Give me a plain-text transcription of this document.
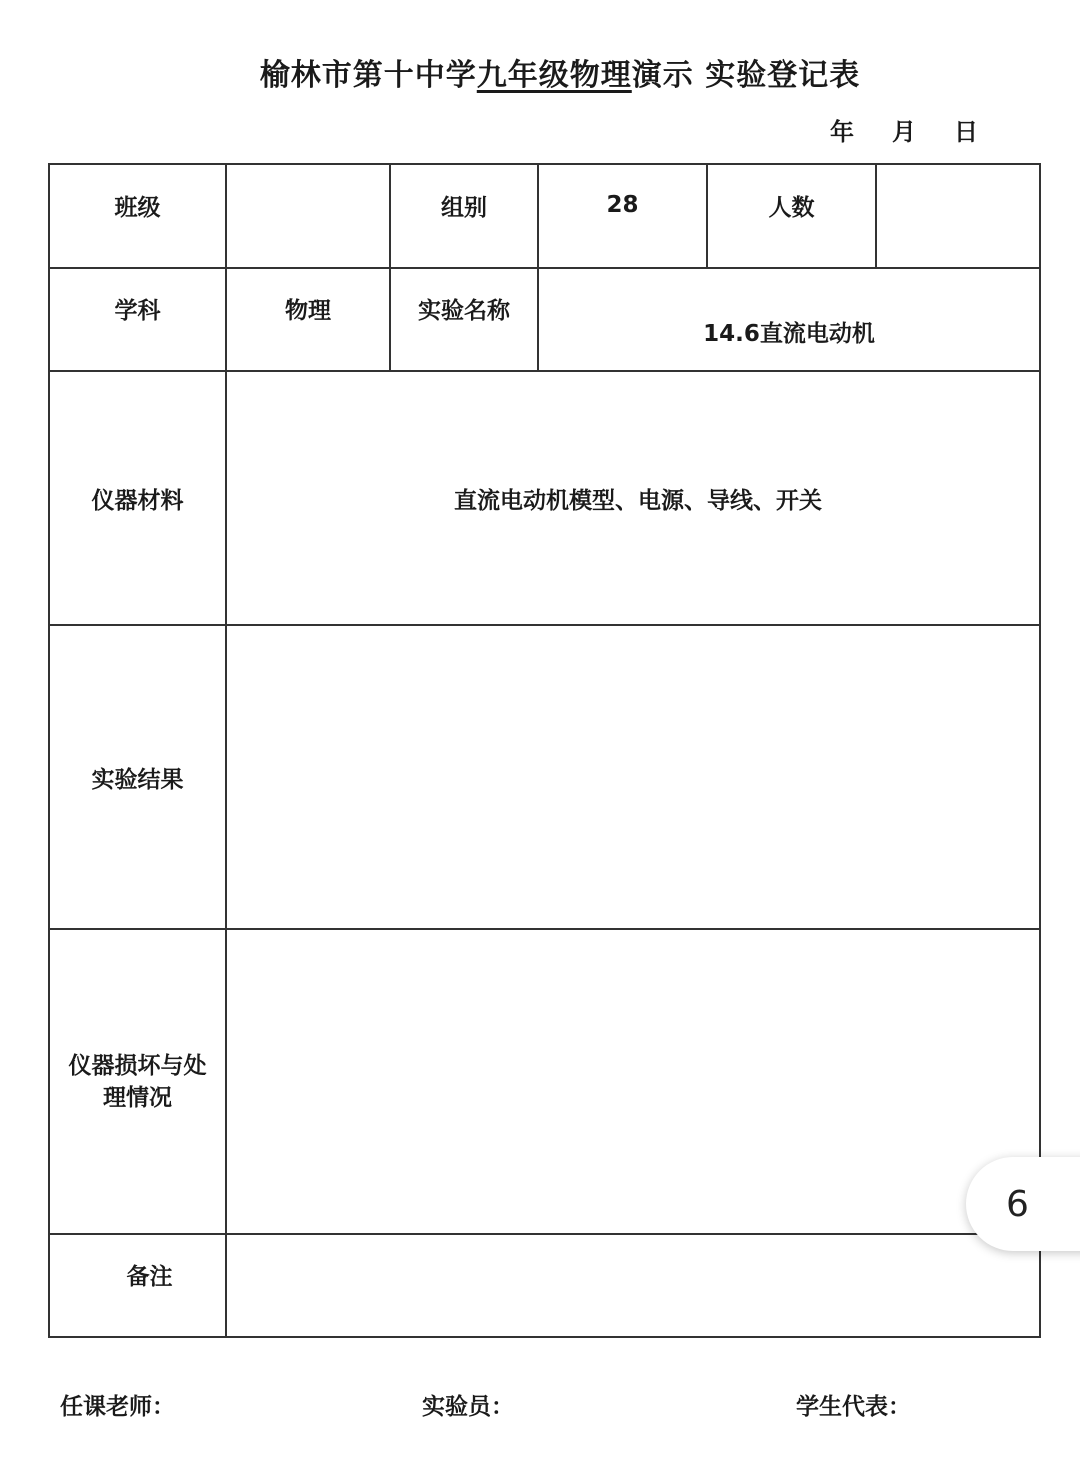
榆林市第十中学九年级物理演示 实验登记表
年 月 日
班级		组别	28	人数	
学科	物理	实验名称	14.6直流电动机		
仪器材料	直流电动机模型、电源、导线、开关				
实验结果					
仪器损坏与处
理情况					
备注					
任课老师：	实验员：	学生代表：
6
